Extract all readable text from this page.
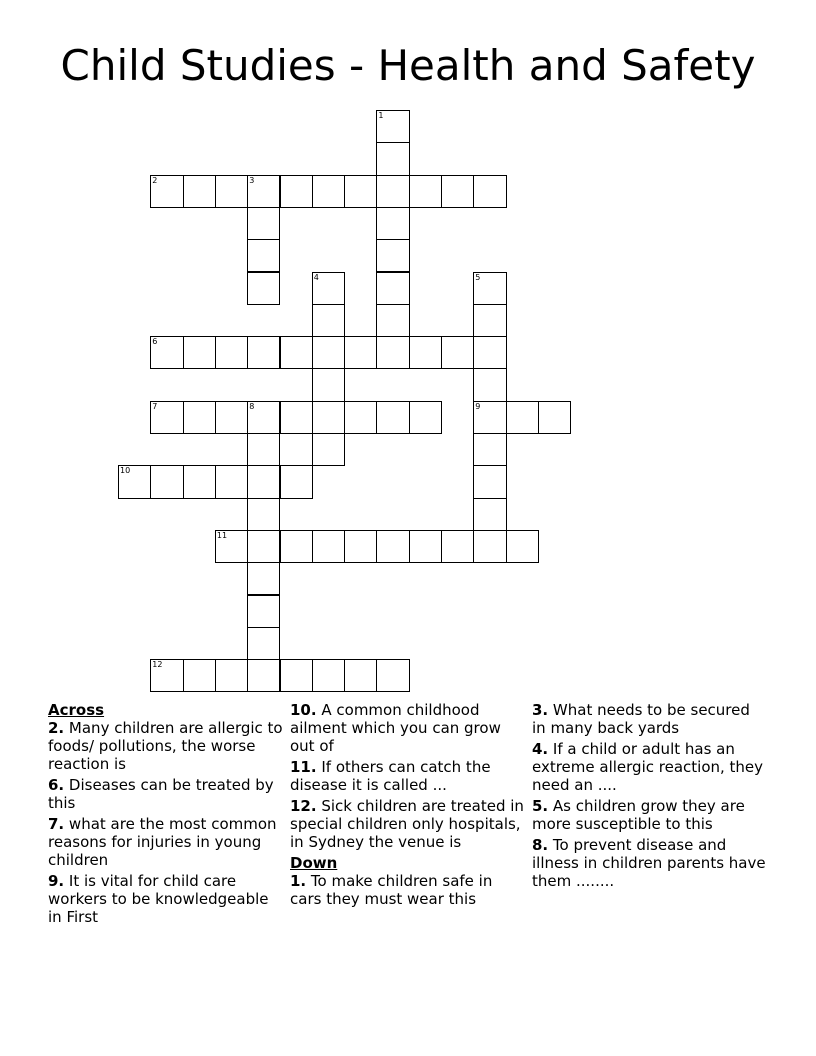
Child Studies - Health and Safety
2	3
6
7	8	9
10
11
12
1
4	5
Across
2. Many children are allergic to foods/ pollutions, the worse reaction is
6. Diseases can be treated by this
7. what are the most common reasons for injuries in young children
9. It is vital for child care workers to be knowledgeable in First
10. A common childhood ailment which you can grow out of
11. If others can catch the disease it is called ...
12. Sick children are treated in special children only hospitals, in Sydney the venue is
Down
1. To make children safe in cars they must wear this
3. What needs to be secured in many back yards
4. If a child or adult has an extreme allergic reaction, they need an ....
5. As children grow they are more susceptible to this
8. To prevent disease and illness in children parents have them ........
